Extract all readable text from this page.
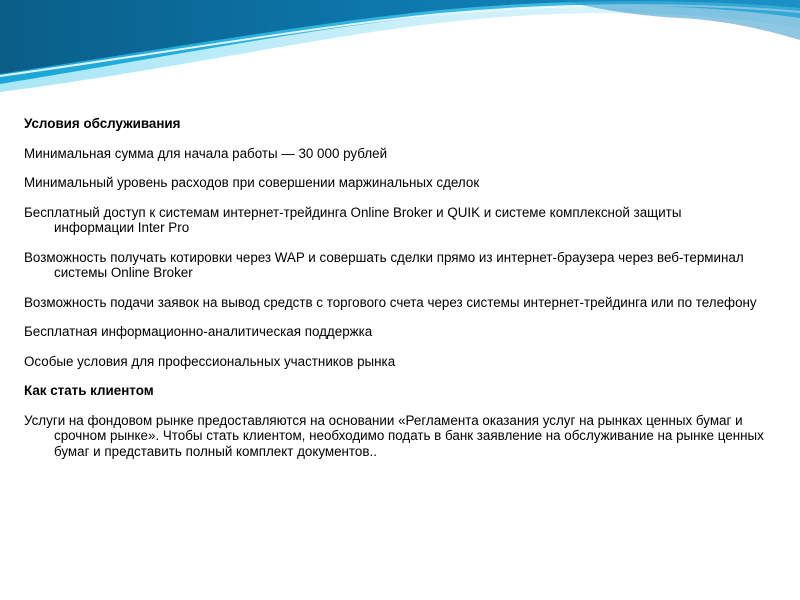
Условия обслуживания

Минимальная сумма для начала работы — 30 000 рублей

Минимальный уровень расходов при совершении маржинальных сделок

Бесплатный доступ к системам интернет-трейдинга Online Broker и QUIK и системе комплексной защиты информации Inter Pro

Возможность получать котировки через WAP и совершать сделки прямо из интернет-браузера через веб-терминал системы Online Broker

Возможность подачи заявок на вывод средств с торгового счета через системы интернет-трейдинга или по телефону

Бесплатная информационно-аналитическая поддержка

Особые условия для профессиональных участников рынка

Как стать клиентом

Услуги на фондовом рынке предоставляются на основании «Регламента оказания услуг на рынках ценных бумаг и срочном рынке». Чтобы стать клиентом, необходимо подать в банк заявление на обслуживание на рынке ценных бумаг и представить полный комплект документов..
